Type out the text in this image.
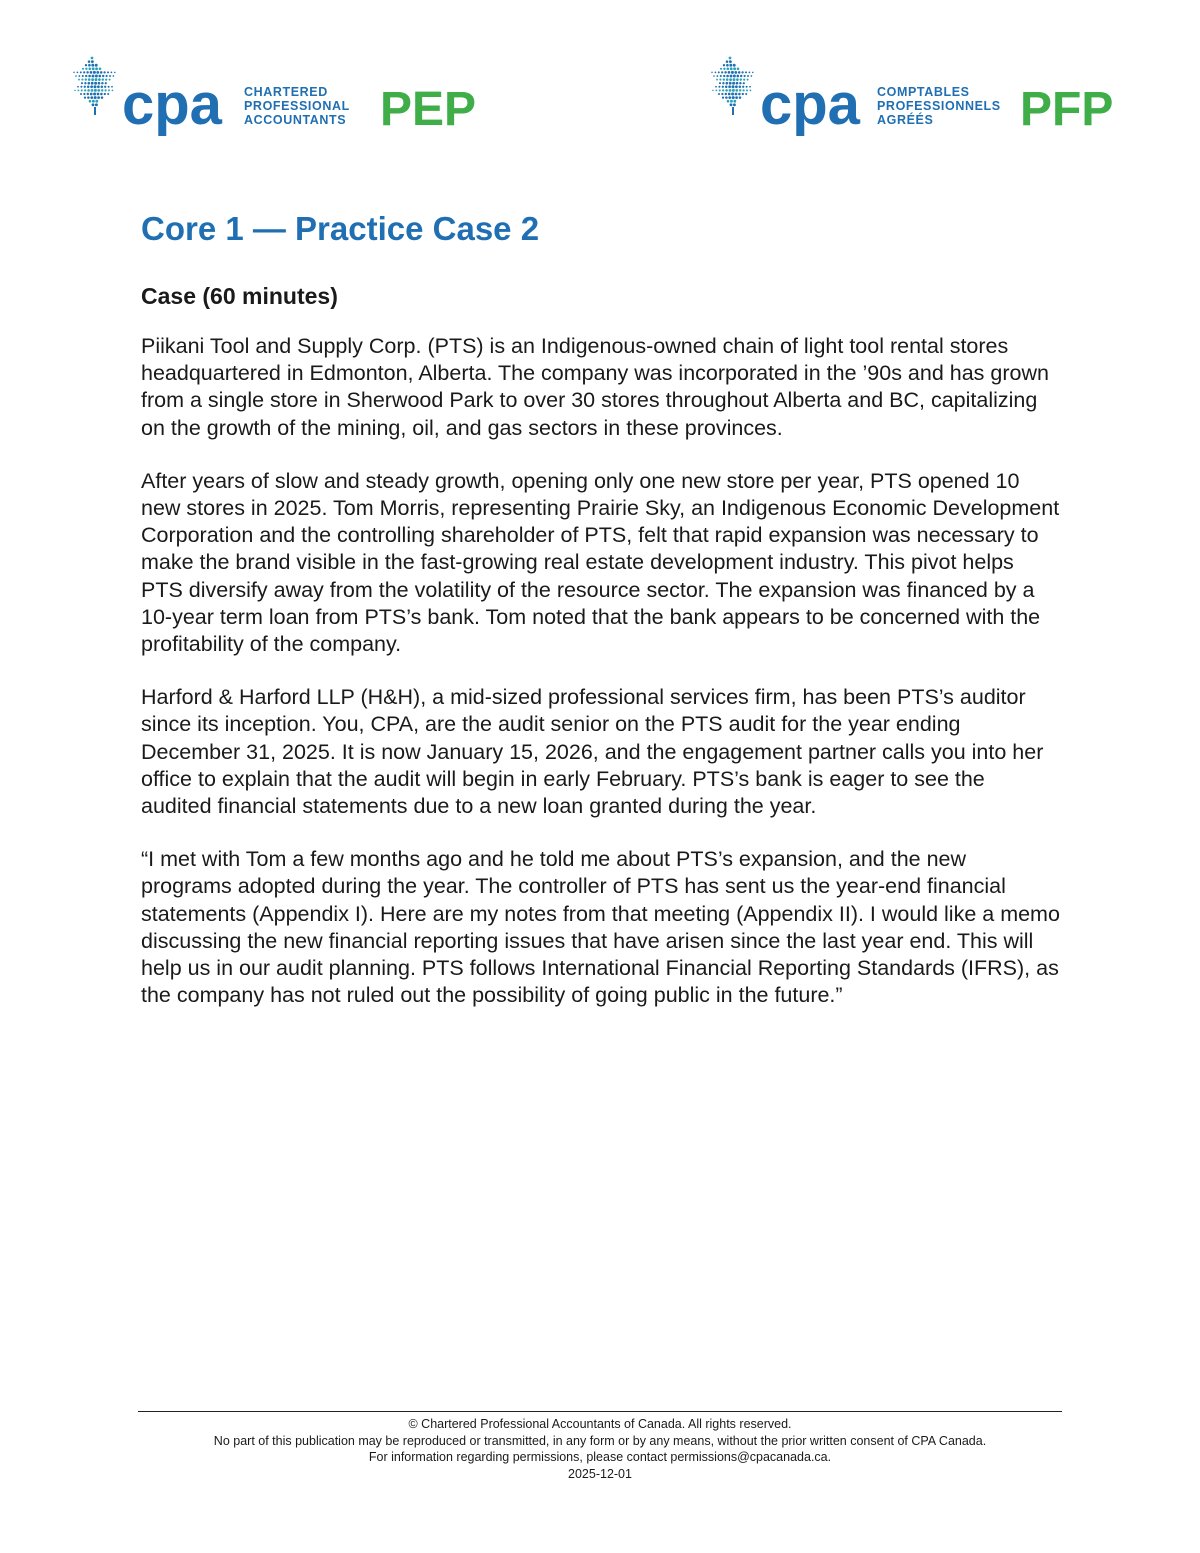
cpa CHARTERED
PROFESSIONAL
ACCOUNTANTS PEP	cpa COMPTABLES
PROFESSIONNELS
AGRÉÉS PFP
Core 1 — Practice Case 2
Case (60 minutes)

Piikani Tool and Supply Corp. (PTS) is an Indigenous-owned chain of light tool rental stores headquartered in Edmonton, Alberta. The company was incorporated in the ’90s and has grown from a single store in Sherwood Park to over 30 stores throughout Alberta and BC, capitalizing on the growth of the mining, oil, and gas sectors in these provinces.

After years of slow and steady growth, opening only one new store per year, PTS opened 10 new stores in 2025. Tom Morris, representing Prairie Sky, an Indigenous Economic Development Corporation and the controlling shareholder of PTS, felt that rapid expansion was necessary to make the brand visible in the fast-growing real estate development industry. This pivot helps PTS diversify away from the volatility of the resource sector. The expansion was financed by a 10-year term loan from PTS’s bank. Tom noted that the bank appears to be concerned with the profitability of the company.

Harford & Harford LLP (H&H), a mid-sized professional services firm, has been PTS’s auditor since its inception. You, CPA, are the audit senior on the PTS audit for the year ending December 31, 2025. It is now January 15, 2026, and the engagement partner calls you into her office to explain that the audit will begin in early February. PTS’s bank is eager to see the audited financial statements due to a new loan granted during the year.

“I met with Tom a few months ago and he told me about PTS’s expansion, and the new programs adopted during the year. The controller of PTS has sent us the year-end financial statements (Appendix I). Here are my notes from that meeting (Appendix II). I would like a memo discussing the new financial reporting issues that have arisen since the last year end. This will help us in our audit planning. PTS follows International Financial Reporting Standards (IFRS), as the company has not ruled out the possibility of going public in the future.”

© Chartered Professional Accountants of Canada. All rights reserved.
No part of this publication may be reproduced or transmitted, in any form or by any means, without the prior written consent of CPA Canada.
For information regarding permissions, please contact permissions@cpacanada.ca.
2025-12-01
